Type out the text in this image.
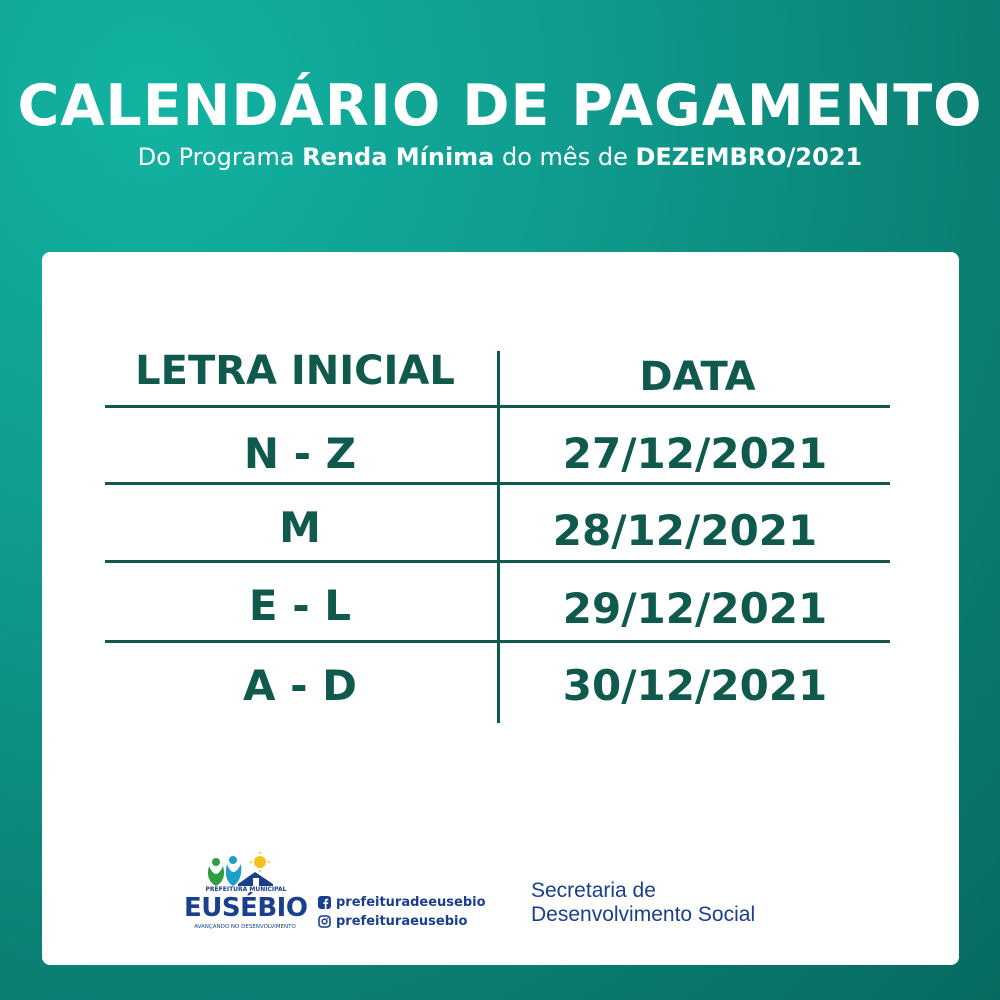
CALENDÁRIO DE PAGAMENTO
Do Programa Renda Mínima do mês de DEZEMBRO/2021
LETRA INICIAL	DATA
N - Z	27/12/2021
M	28/12/2021
E - L	29/12/2021
A - D	30/12/2021
PREFEITURA MUNICIPAL
EUSÉBIO
AVANÇANDO NO DESENVOLVIMENTO
prefeituradeeusebio
prefeituraeusebio
Secretaria de
Desenvolvimento Social
